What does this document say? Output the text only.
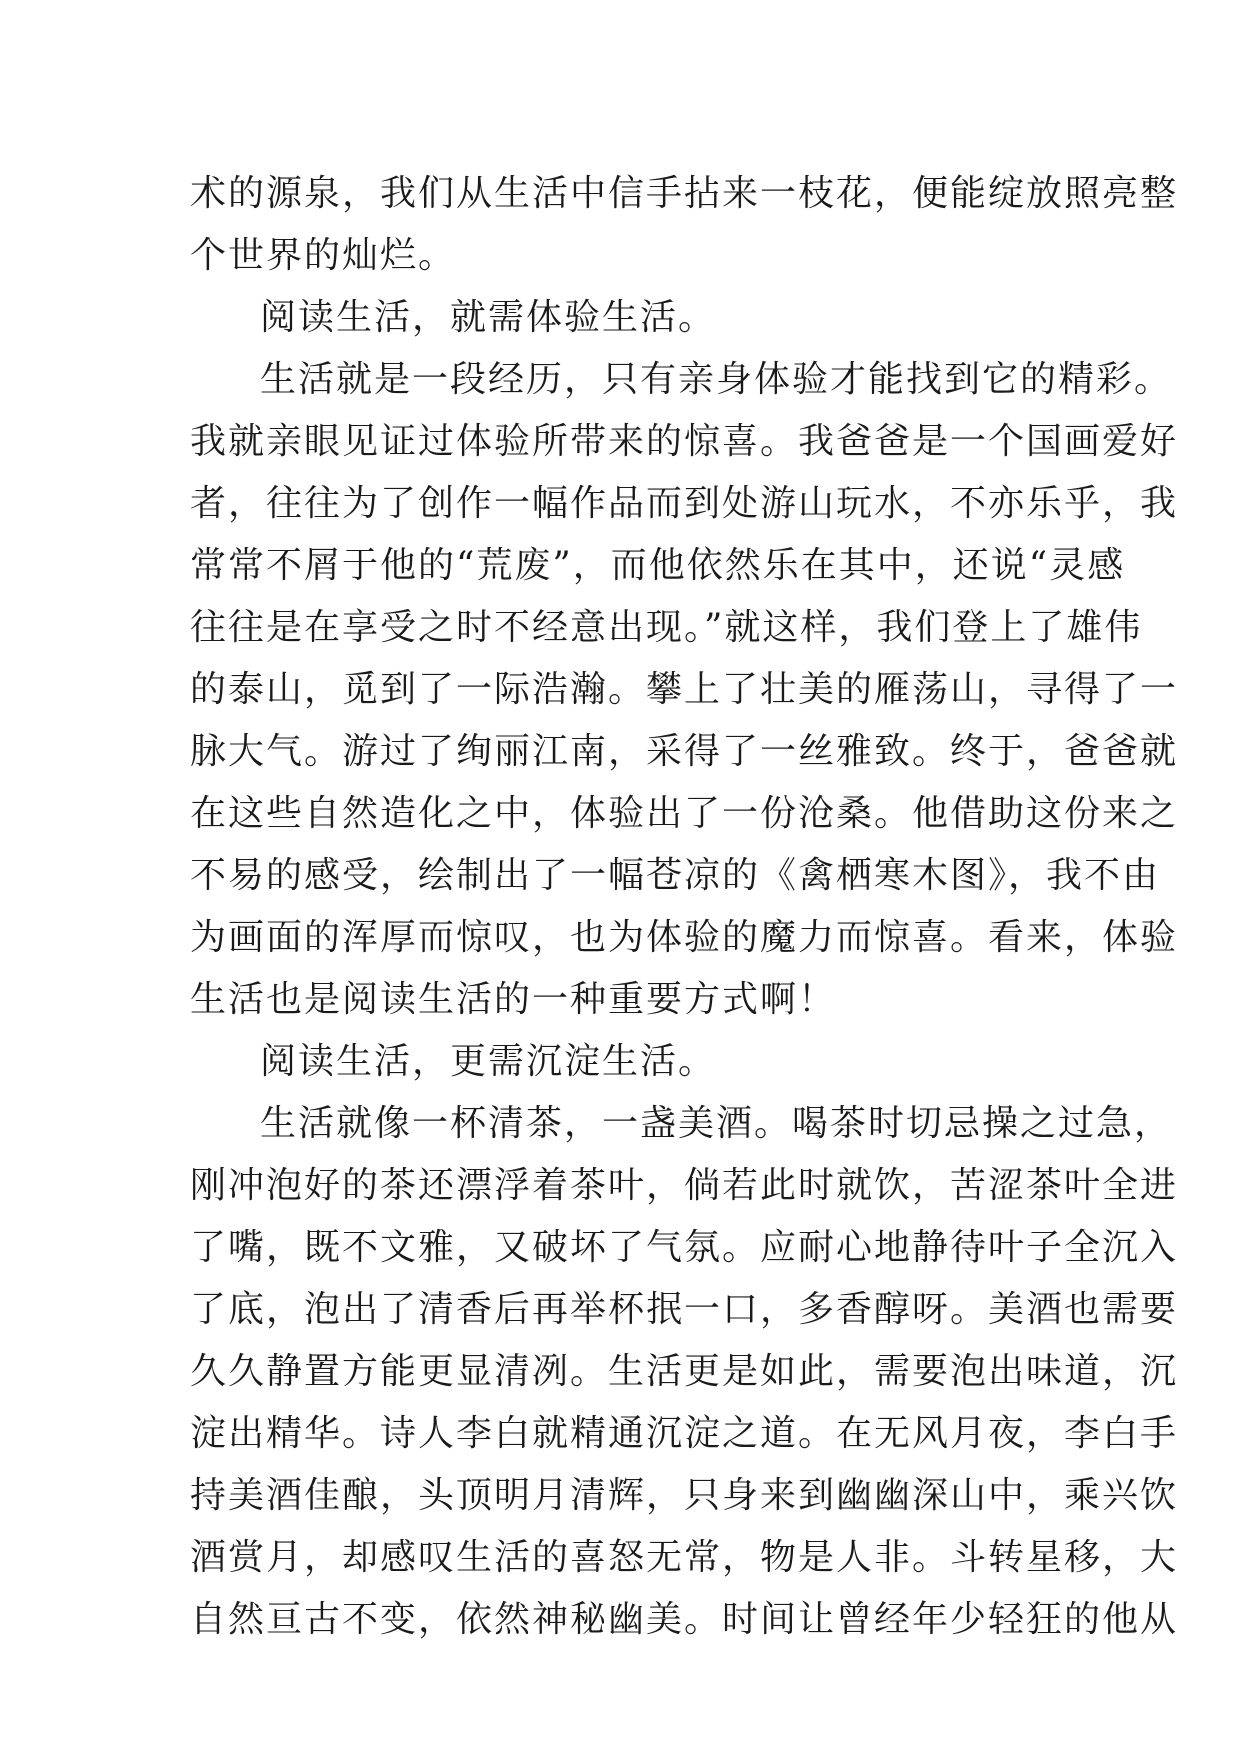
术的源泉，我们从生活中信手拈来一枝花，便能绽放照亮整
个世界的灿烂。
阅读生活，就需体验生活。
生活就是一段经历，只有亲身体验才能找到它的精彩。
我就亲眼见证过体验所带来的惊喜。我爸爸是一个国画爱好
者，往往为了创作一幅作品而到处游山玩水，不亦乐乎，我
常常不屑于他的“荒废”，而他依然乐在其中，还说“灵感
往往是在享受之时不经意出现。”就这样，我们登上了雄伟
的泰山，觅到了一际浩瀚。攀上了壮美的雁荡山，寻得了一
脉大气。游过了绚丽江南，采得了一丝雅致。终于，爸爸就
在这些自然造化之中，体验出了一份沧桑。他借助这份来之
不易的感受，绘制出了一幅苍凉的《禽栖寒木图》，我不由
为画面的浑厚而惊叹，也为体验的魔力而惊喜。看来，体验
生活也是阅读生活的一种重要方式啊！
阅读生活，更需沉淀生活。
生活就像一杯清茶，一盏美酒。喝茶时切忌操之过急，
刚冲泡好的茶还漂浮着茶叶，倘若此时就饮，苦涩茶叶全进
了嘴，既不文雅，又破坏了气氛。应耐心地静待叶子全沉入
了底，泡出了清香后再举杯抿一口，多香醇呀。美酒也需要
久久静置方能更显清冽。生活更是如此，需要泡出味道，沉
淀出精华。诗人李白就精通沉淀之道。在无风月夜，李白手
持美酒佳酿，头顶明月清辉，只身来到幽幽深山中，乘兴饮
酒赏月，却感叹生活的喜怒无常，物是人非。斗转星移，大
自然亘古不变，依然神秘幽美。时间让曾经年少轻狂的他从
